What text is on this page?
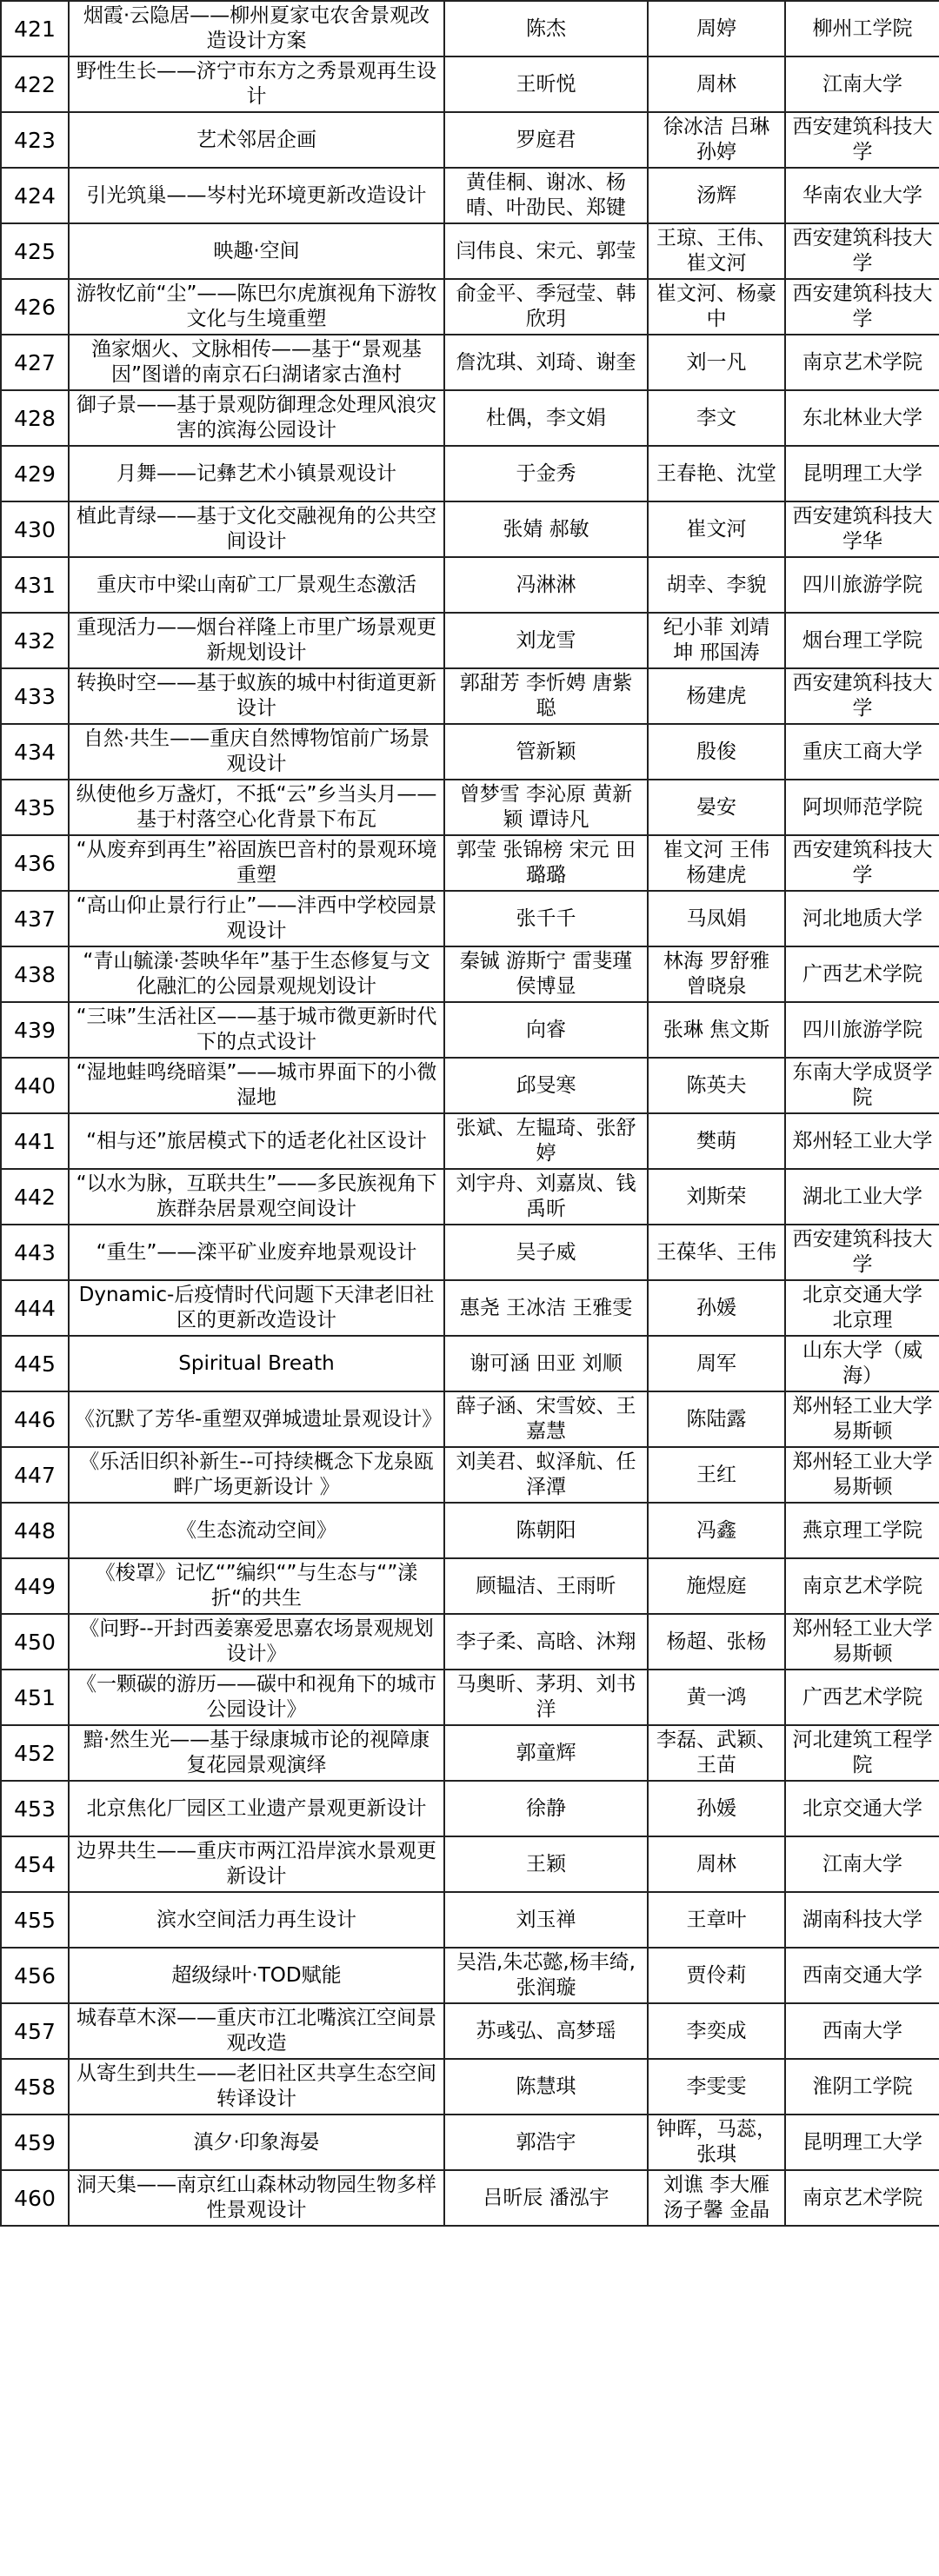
421	烟霞·云隐居——柳州夏家屯农舍景观改造设计方案	陈杰	周婷	柳州工学院
422	野性生长——济宁市东方之秀景观再生设计	王昕悦	周林	江南大学
423	艺术邻居企画	罗庭君	徐冰洁 吕琳 孙婷	西安建筑科技大学
424	引光筑巢——岑村光环境更新改造设计	黄佳桐、谢冰、杨晴、叶劭民、郑键	汤辉	华南农业大学
425	映趣·空间	闫伟良、宋元、郭莹	王琼、王伟、崔文河	西安建筑科技大学
426	游牧忆前“尘”——陈巴尔虎旗视角下游牧文化与生境重塑	俞金平、季冠莹、韩欣玥	崔文河、杨豪中	西安建筑科技大学
427	渔家烟火、文脉相传——基于“景观基因”图谱的南京石臼湖诸家古渔村	詹沈琪、刘琦、谢奎	刘一凡	南京艺术学院
428	御子景——基于景观防御理念处理风浪灾害的滨海公园设计	杜偶，李文娟	李文	东北林业大学
429	月舞——记彝艺术小镇景观设计	于金秀	王春艳、沈堂	昆明理工大学
430	植此青绿——基于文化交融视角的公共空间设计	张婧 郝敏	崔文河	西安建筑科技大学华
431	重庆市中梁山南矿工厂景观生态激活	冯淋淋	胡幸、李貌	四川旅游学院
432	重现活力——烟台祥隆上市里广场景观更新规划设计	刘龙雪	纪小菲 刘靖坤 邢国涛	烟台理工学院
433	转换时空——基于蚁族的城中村街道更新设计	郭甜芳 李忻娉 唐紫聪	杨建虎	西安建筑科技大学
434	自然·共生——重庆自然博物馆前广场景观设计	管新颖	殷俊	重庆工商大学
435	纵使他乡万盏灯，不抵“云”乡当头月——基于村落空心化背景下布瓦	曾梦雪 李沁原 黄新颖 谭诗凡	晏安	阿坝师范学院
436	“从废弃到再生”裕固族巴音村的景观环境重塑	郭莹 张锦榜 宋元 田璐璐	崔文河 王伟 杨建虎	西安建筑科技大学
437	“高山仰止景行行止”——沣西中学校园景观设计	张千千	马凤娟	河北地质大学
438	“青山毓漾·荟映华年”基于生态修复与文化融汇的公园景观规划设计	秦铖 游斯宁 雷斐瑾 侯博显	林海 罗舒雅 曾晓泉	广西艺术学院
439	“三味”生活社区——基于城市微更新时代下的点式设计	向睿	张琳 焦文斯	四川旅游学院
440	“湿地蛙鸣绕暗渠”——城市界面下的小微湿地	邱旻寒	陈英夫	东南大学成贤学院
441	“相与还”旅居模式下的适老化社区设计	张斌、左韫琦、张舒婷	樊萌	郑州轻工业大学
442	“以水为脉，互联共生”——多民族视角下族群杂居景观空间设计	刘宇舟、刘嘉岚、钱禹昕	刘斯荣	湖北工业大学
443	“重生”——滦平矿业废弃地景观设计	吴子威	王葆华、王伟	西安建筑科技大学
444	Dynamic-后疫情时代问题下天津老旧社区的更新改造设计	惠尧 王冰洁 王雅雯	孙媛	北京交通大学 北京理
445	Spiritual Breath	谢可涵 田亚 刘顺	周军	山东大学（威海）
446	《沉默了芳华-重塑双弹城遗址景观设计》	薛子涵、宋雪姣、王嘉慧	陈陆露	郑州轻工业大学易斯顿
447	《乐活旧织补新生--可持续概念下龙泉瓯畔广场更新设计 》	刘美君、蚁泽航、任泽潭	王红	郑州轻工业大学易斯顿
448	《生态流动空间》	陈朝阳	冯鑫	燕京理工学院
449	《梭罩》记忆“”编织“”与生态与“”漾折“的共生	顾韫洁、王雨昕	施煜庭	南京艺术学院
450	《问野--开封西姜寨爱思嘉农场景观规划设计》	李子柔、高晗、沐翔	杨超、张杨	郑州轻工业大学易斯顿
451	《一颗碳的游历——碳中和视角下的城市公园设计》	马奥昕、茅玥、刘书洋	黄一鸿	广西艺术学院
452	黯·然生光——基于绿康城市论的视障康复花园景观演绎	郭童辉	李磊、武颖、王苗	河北建筑工程学院
453	北京焦化厂园区工业遗产景观更新设计	徐静	孙媛	北京交通大学
454	边界共生——重庆市两江沿岸滨水景观更新设计	王颖	周林	江南大学
455	滨水空间活力再生设计	刘玉禅	王章叶	湖南科技大学
456	超级绿叶·TOD赋能	吴浩,朱芯懿,杨丰绮,张润璇	贾伶莉	西南交通大学
457	城春草木深——重庆市江北嘴滨江空间景观改造	苏彧弘、高梦瑶	李奕成	西南大学
458	从寄生到共生——老旧社区共享生态空间转译设计	陈慧琪	李雯雯	淮阴工学院
459	滇夕·印象海晏	郭浩宇	钟晖，马蕊，张琪	昆明理工大学
460	洞天集——南京红山森林动物园生物多样性景观设计	吕昕辰 潘泓宇	刘谯 李大雁 汤子馨 金晶	南京艺术学院
